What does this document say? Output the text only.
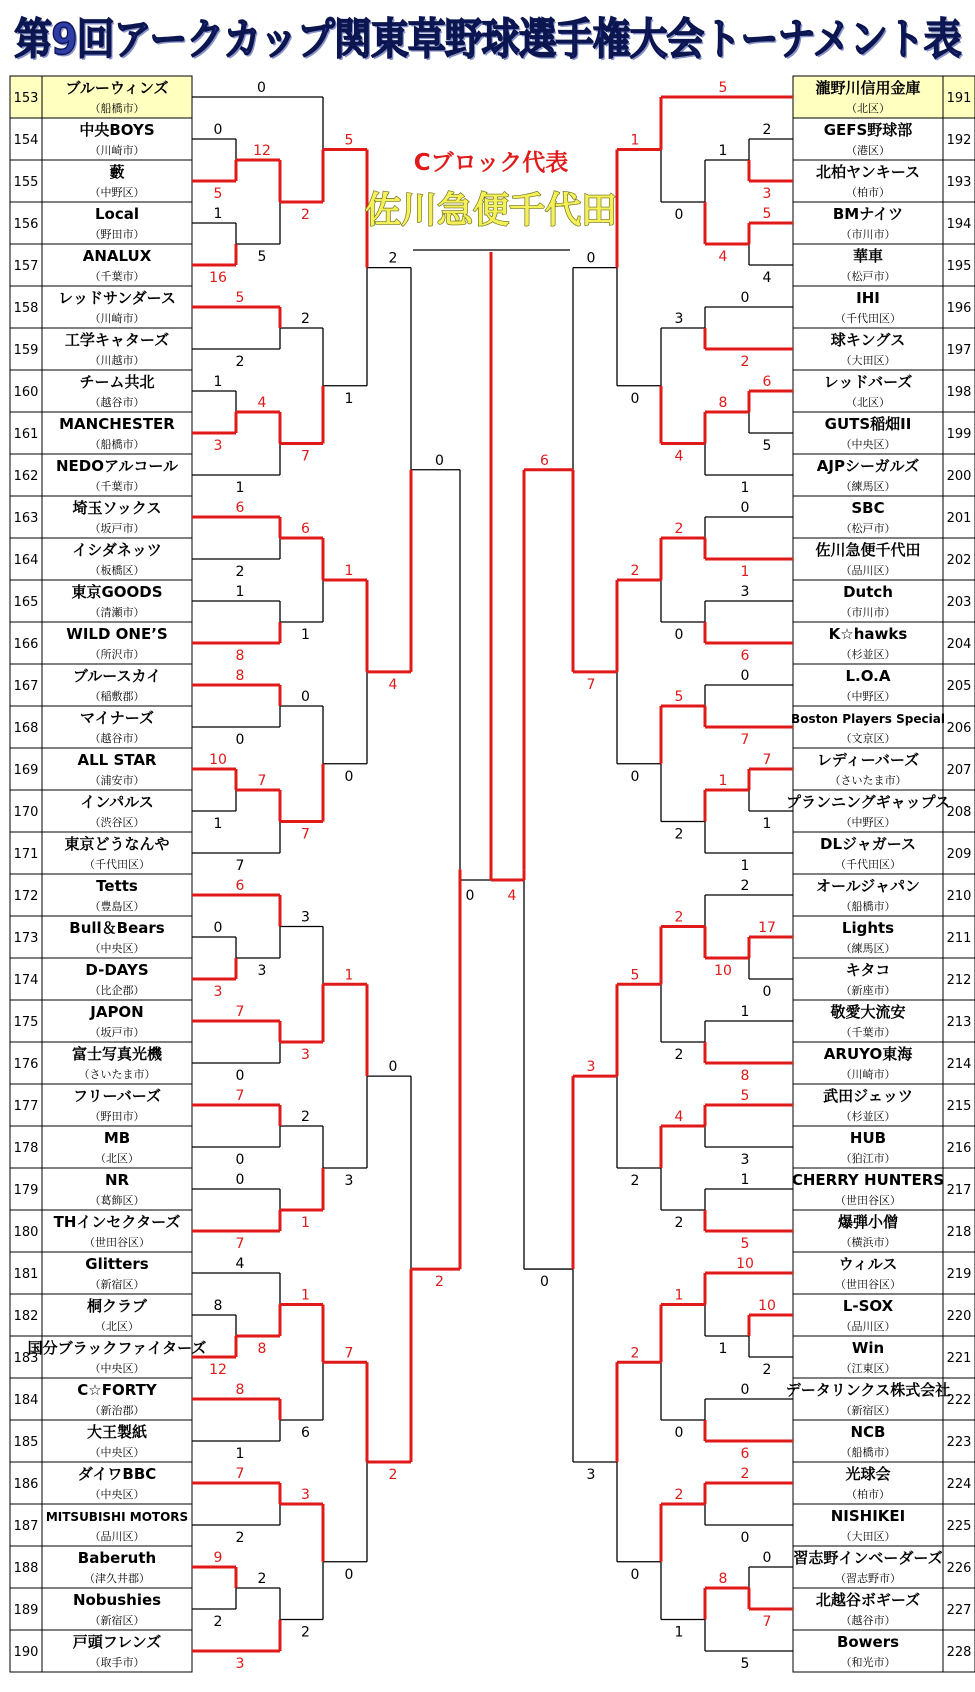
第9回アークカップ関東草野球選手権大会トーナメント表
153
ブルーウィンズ
（船橋市）
154
中央BOYS
（川崎市）
155
藪
（中野区）
156
Local
（野田市）
157
ANALUX
（千葉市）
158
レッドサンダース
（川崎市）
159
工学キャターズ
（川越市）
160
チーム共北
（越谷市）
161
MANCHESTER
（船橋市）
162
NEDOアルコール
（千葉市）
163
埼玉ソックス
（坂戸市）
164
イシダネッツ
（板橋区）
165
東京GOODS
（清瀬市）
166
WILD ONE’S
（所沢市）
167
ブルースカイ
（稲敷郡）
168
マイナーズ
（越谷市）
169
ALL STAR
（浦安市）
170
インパルス
（渋谷区）
171
東京どうなんや
（千代田区）
172
Tetts
（豊島区）
173
Bull＆Bears
（中央区）
174
D-DAYS
（比企郡）
175
JAPON
（坂戸市）
176
富士写真光機
（さいたま市）
177
フリーバーズ
（野田市）
178
MB
（北区）
179
NR
（葛飾区）
180
THインセクターズ
（世田谷区）
181
Glitters
（新宿区）
182
桐クラブ
（北区）
183
国分ブラックファイターズ
（中央区）
184
C☆FORTY
（新治郡）
185
大王製紙
（中央区）
186
ダイワBBC
（中央区）
187
MITSUBISHI MOTORS
（品川区）
188
Baberuth
（津久井郡）
189
Nobushies
（新宿区）
190
戸頭フレンズ
（取手市）
191
瀧野川信用金庫
（北区）
192
GEFS野球部
（港区）
193
北柏ヤンキース
（柏市）
194
BMナイツ
（市川市）
195
華車
（松戸市）
196
IHI
（千代田区）
197
球キングス
（大田区）
198
レッドバーズ
（北区）
199
GUTS稲畑II
（中央区）
200
AJPシーガルズ
（練馬区）
201
SBC
（松戸市）
202
佐川急便千代田
（品川区）
203
Dutch
（市川市）
204
K☆hawks
（杉並区）
205
L.O.A
（中野区）
206
Boston Players Special
（文京区）
207
レディーバーズ
（さいたま市）
208
プランニングギャップス
（中野区）
209
DLジャガース
（千代田区）
210
オールジャパン
（船橋市）
211
Lights
（練馬区）
212
キタコ
（新座市）
213
敬愛大流安
（千葉市）
214
ARUYO東海
（川崎市）
215
武田ジェッツ
（杉並区）
216
HUB
（狛江市）
217
CHERRY HUNTERS
（世田谷区）
218
爆弾小僧
（横浜市）
219
ウィルス
（世田谷区）
220
L-SOX
（品川区）
221
Win
（江東区）
222
データリンクス株式会社
（新宿区）
223
NCB
（船橋市）
224
光球会
（柏市）
225
NISHIKEI
（大田区）
226
習志野インベーダーズ
（習志野市）
227
北越谷ボギーズ
（越谷市）
228
Bowers
（和光市）
0
5
1
16
12
5
0
2
5
2
1
3
4
1
2
7
5
1
6
2
1
8
6
1
8
0
10
1
7
7
0
7
1
0
2
4
0
3
6
3
7
0
3
3
7
0
0
7
2
1
1
3
8
12
4
8
8
1
1
6
7
2
9
2
2
3
3
2
7
0
0
2
0
2
2
3
5
4
1
4
5
0
0
2
6
5
8
1
3
4
1
0
0
1
3
6
2
0
0
7
7
1
1
1
5
2
2
0
0
7
17
0
2
10
1
8
2
2
5
3
1
5
4
2
5
2
10
2
10
1
0
6
1
0
2
0
0
7
8
5
2
1
2
0
3
3
6
0
0 4
Cブロック代表
佐川急便千代田
